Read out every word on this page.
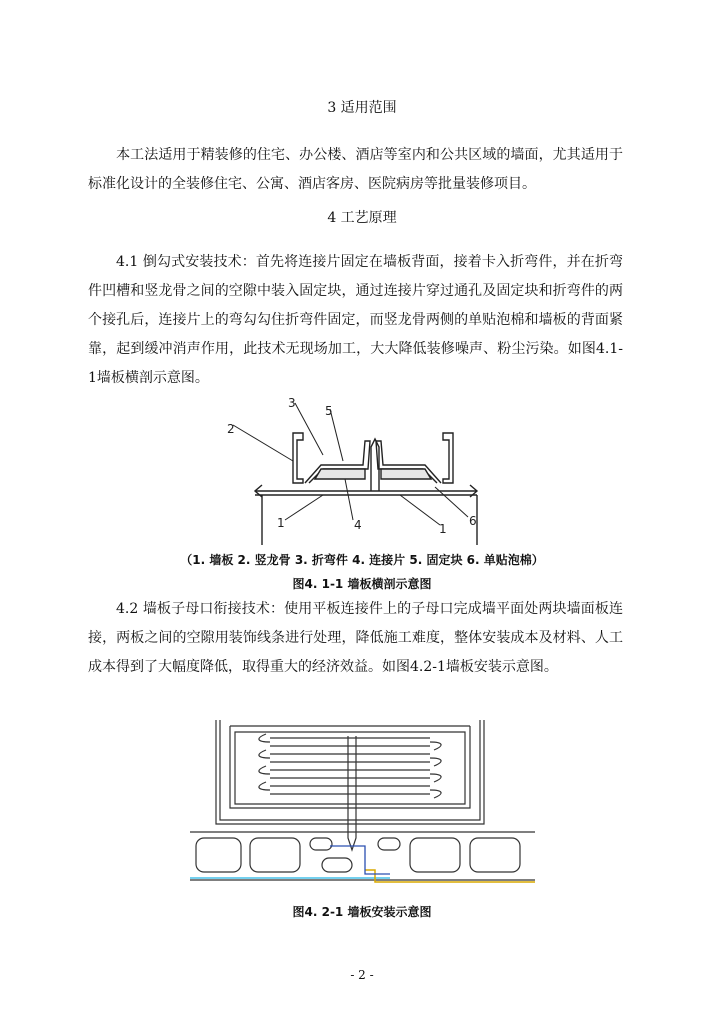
3 适用范围
本工法适用于精装修的住宅、办公楼、酒店等室内和公共区域的墙面，尤其适用于标准化设计的全装修住宅、公寓、酒店客房、医院病房等批量装修项目。
4 工艺原理
4.1 倒勾式安装技术：首先将连接片固定在墙板背面，接着卡入折弯件，并在折弯件凹槽和竖龙骨之间的空隙中装入固定块，通过连接片穿过通孔及固定块和折弯件的两个接孔后，连接片上的弯勾勾住折弯件固定，而竖龙骨两侧的单贴泡棉和墙板的背面紧靠，起到缓冲消声作用，此技术无现场加工，大大降低装修噪声、粉尘污染。如图4.1-1墙板横剖示意图。
3
5
2
1	4	1
6
（1. 墙板 2. 竖龙骨 3. 折弯件 4. 连接片 5. 固定块 6. 单贴泡棉）
图4. 1-1 墙板横剖示意图
4.2 墙板子母口衔接技术：使用平板连接件上的子母口完成墙平面处两块墙面板连接，两板之间的空隙用装饰线条进行处理，降低施工难度，整体安装成本及材料、人工成本得到了大幅度降低，取得重大的经济效益。如图4.2-1墙板安装示意图。
图4. 2-1 墙板安装示意图
- 2 -
